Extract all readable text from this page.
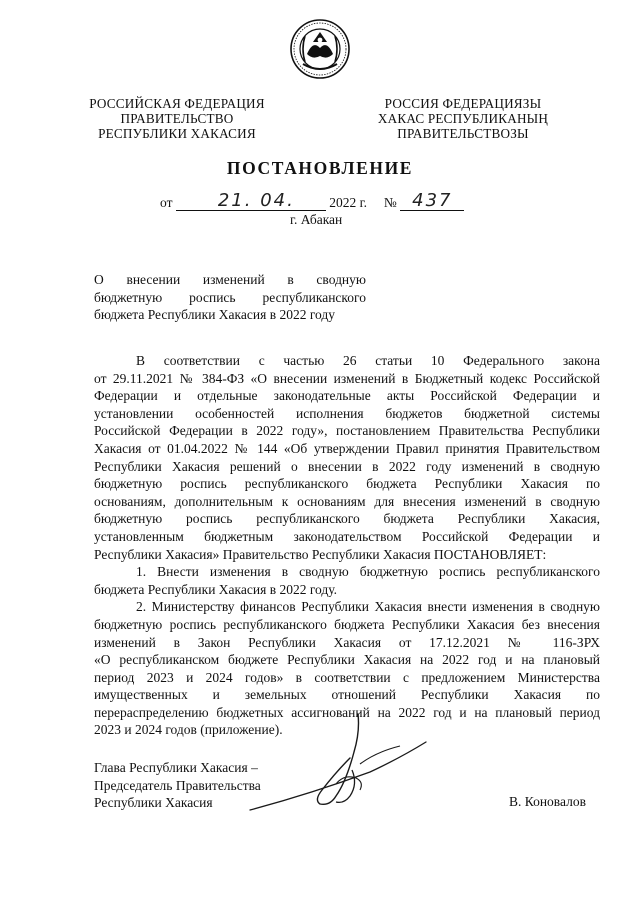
РОССИЙСКАЯ ФЕДЕРАЦИЯ
ПРАВИТЕЛЬСТВО
РЕСПУБЛИКИ ХАКАСИЯ
РОССИЯ ФЕДЕРАЦИЯЗЫ
ХАКАС РЕСПУБЛИКАНЫҢ
ПРАВИТЕЛЬСТВОЗЫ
ПОСТАНОВЛЕНИЕ
от	21. 04.	2022 г. № 437
г. Абакан
О внесении изменений в сводную
бюджетную роспись республиканского
бюджета Республики Хакасия в 2022 году
В соответствии с частью 26 статьи 10 Федерального закона
от 29.11.2021 № 384-ФЗ «О внесении изменений в Бюджетный кодекс Российской
Федерации и отдельные законодательные акты Российской Федерации и
установлении особенностей исполнения бюджетов бюджетной системы
Российской Федерации в 2022 году», постановлением Правительства Республики
Хакасия от 01.04.2022 № 144 «Об утверждении Правил принятия Правительством
Республики Хакасия решений о внесении в 2022 году изменений в сводную
бюджетную роспись республиканского бюджета Республики Хакасия по
основаниям, дополнительным к основаниям для внесения изменений в сводную
бюджетную роспись республиканского бюджета Республики Хакасия,
установленным бюджетным законодательством Российской Федерации и
Республики Хакасия» Правительство Республики Хакасия ПОСТАНОВЛЯЕТ:
1. Внести изменения в сводную бюджетную роспись республиканского
бюджета Республики Хакасия в 2022 году.
2. Министерству финансов Республики Хакасия внести изменения в сводную
бюджетную роспись республиканского бюджета Республики Хакасия без внесения
изменений в Закон Республики Хакасия от 17.12.2021 № 116-ЗРХ
«О республиканском бюджете Республики Хакасия на 2022 год и на плановый
период 2023 и 2024 годов» в соответствии с предложением Министерства
имущественных и земельных отношений Республики Хакасия по
перераспределению бюджетных ассигнований на 2022 год и на плановый период
2023 и 2024 годов (приложение).
Глава Республики Хакасия –
Председатель Правительства
Республики Хакасия	В. Коновалов
